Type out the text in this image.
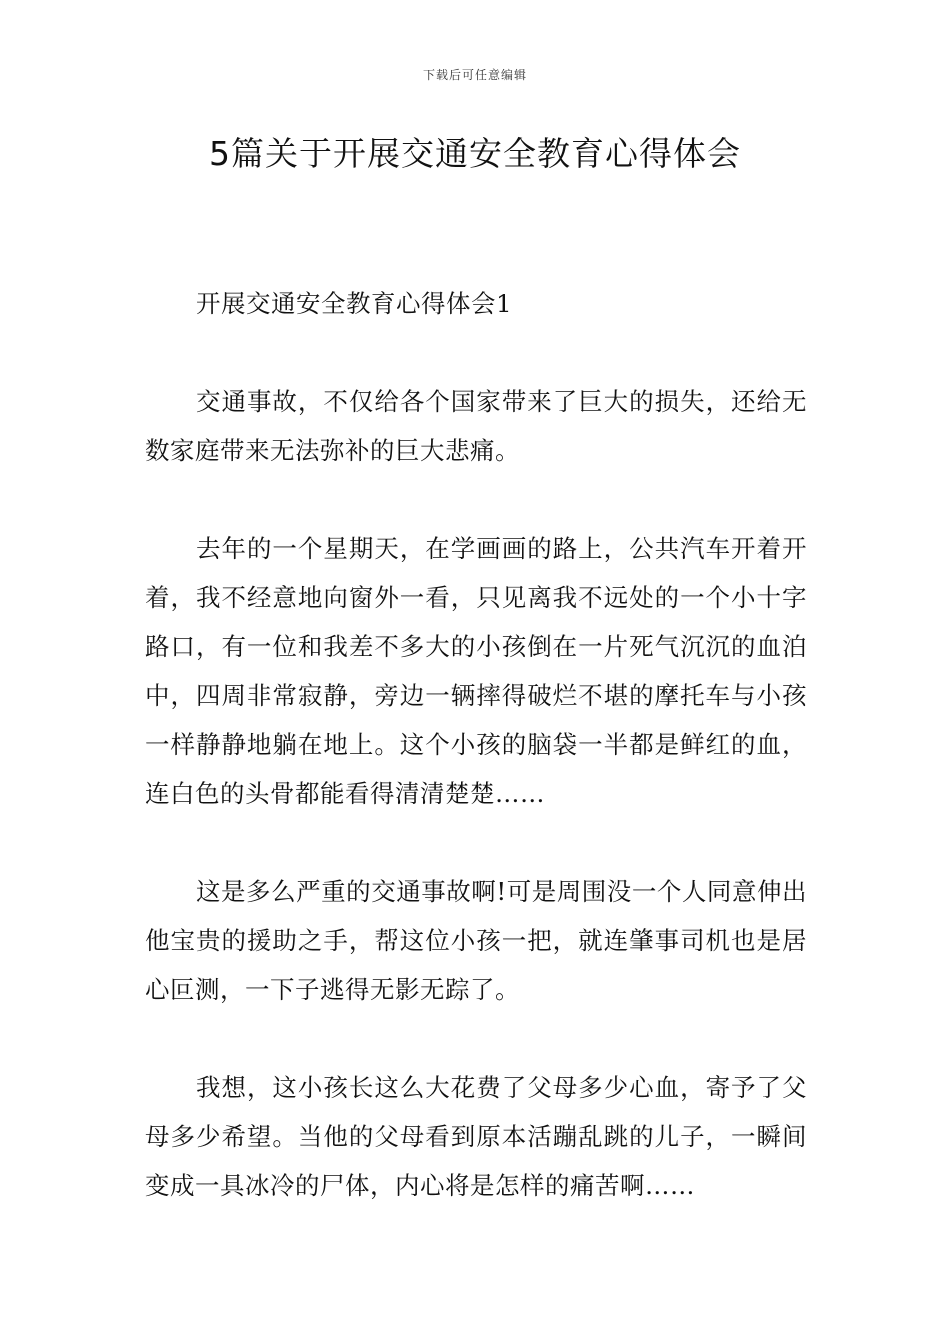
下载后可任意编辑
5篇关于开展交通安全教育心得体会

开展交通安全教育心得体会1

交通事故，不仅给各个国家带来了巨大的损失，还给无数家庭带来无法弥补的巨大悲痛。

去年的一个星期天，在学画画的路上，公共汽车开着开着，我不经意地向窗外一看，只见离我不远处的一个小十字路口，有一位和我差不多大的小孩倒在一片死气沉沉的血泊中，四周非常寂静，旁边一辆摔得破烂不堪的摩托车与小孩一样静静地躺在地上。这个小孩的脑袋一半都是鲜红的血，连白色的头骨都能看得清清楚楚……

这是多么严重的交通事故啊!可是周围没一个人同意伸出他宝贵的援助之手，帮这位小孩一把，就连肇事司机也是居心叵测，一下子逃得无影无踪了。

我想，这小孩长这么大花费了父母多少心血，寄予了父母多少希望。当他的父母看到原本活蹦乱跳的儿子，一瞬间变成一具冰冷的尸体，内心将是怎样的痛苦啊……
